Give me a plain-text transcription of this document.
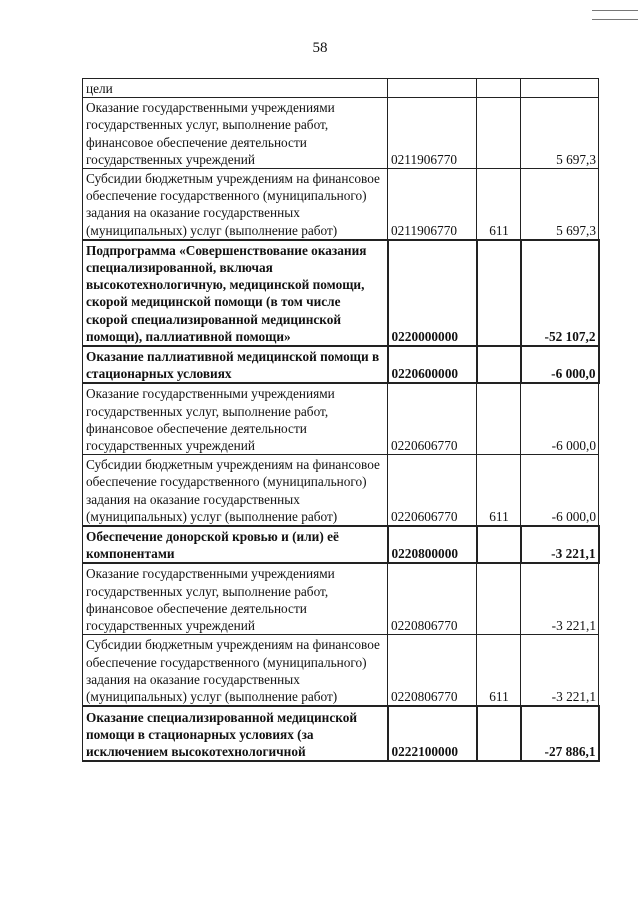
58
цели			
Оказание государственными учреждениями государственных услуг, выполнение работ, финансовое обеспечение деятельности государственных учреждений	0211906770		5 697,3
Субсидии бюджетным учреждениям на финансовое обеспечение государственного (муниципального) задания на оказание государственных (муниципальных) услуг (выполнение работ)	0211906770	611	5 697,3
Подпрограмма «Совершенствование оказания специализированной, включая высокотехнологичную, медицинской помощи, скорой медицинской помощи (в том числе скорой специализированной медицинской помощи), паллиативной помощи»	0220000000		-52 107,2
Оказание паллиативной медицинской помощи в стационарных условиях	0220600000		-6 000,0
Оказание государственными учреждениями государственных услуг, выполнение работ, финансовое обеспечение деятельности государственных учреждений	0220606770		-6 000,0
Субсидии бюджетным учреждениям на финансовое обеспечение государственного (муниципального) задания на оказание государственных (муниципальных) услуг (выполнение работ)	0220606770	611	-6 000,0
Обеспечение донорской кровью и (или) её компонентами	0220800000		-3 221,1
Оказание государственными учреждениями государственных услуг, выполнение работ, финансовое обеспечение деятельности государственных учреждений	0220806770		-3 221,1
Субсидии бюджетным учреждениям на финансовое обеспечение государственного (муниципального) задания на оказание государственных (муниципальных) услуг (выполнение работ)	0220806770	611	-3 221,1
Оказание специализированной медицинской помощи в стационарных условиях (за исключением высокотехнологичной	0222100000		-27 886,1
